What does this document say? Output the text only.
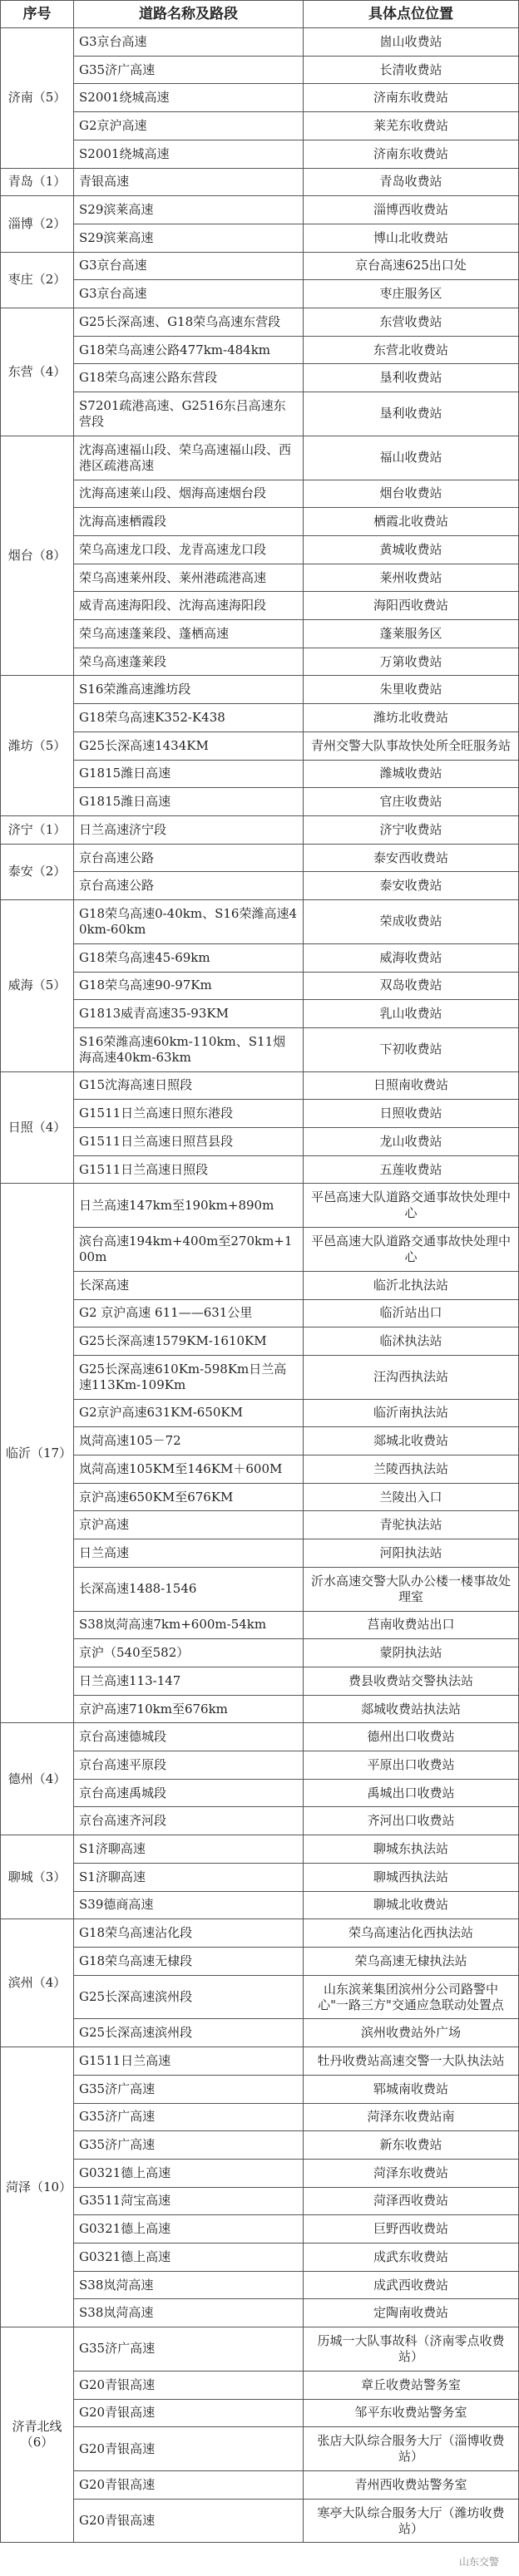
序号	道路名称及路段	具体点位位置
济南（5）	G3京台高速	崮山收费站
	G35济广高速	长清收费站
	S2001绕城高速	济南东收费站
	G2京沪高速	莱芜东收费站
	S2001绕城高速	济南东收费站
青岛（1）	青银高速	青岛收费站
淄博（2）	S29滨莱高速	淄博西收费站
	S29滨莱高速	博山北收费站
枣庄（2）	G3京台高速	京台高速625出口处
	G3京台高速	枣庄服务区
东营（4）	G25长深高速、G18荣乌高速东营段	东营收费站
	G18荣乌高速公路477km-484km	东营北收费站
	G18荣乌高速公路东营段	垦利收费站
	S7201疏港高速、G2516东吕高速东营段	垦利收费站
烟台（8）	沈海高速福山段、荣乌高速福山段、西港区疏港高速	福山收费站
	沈海高速莱山段、烟海高速烟台段	烟台收费站
	沈海高速栖霞段	栖霞北收费站
	荣乌高速龙口段、龙青高速龙口段	黄城收费站
	荣乌高速莱州段、莱州港疏港高速	莱州收费站
	威青高速海阳段、沈海高速海阳段	海阳西收费站
	荣乌高速蓬莱段、蓬栖高速	蓬莱服务区
	荣乌高速蓬莱段	万第收费站
潍坊（5）	S16荣潍高速潍坊段	朱里收费站
	G18荣乌高速K352-K438	潍坊北收费站
	G25长深高速1434KM	青州交警大队事故快处所全旺服务站
	G1815潍日高速	潍城收费站
	G1815潍日高速	官庄收费站
济宁（1）	日兰高速济宁段	济宁收费站
泰安（2）	京台高速公路	泰安西收费站
	京台高速公路	泰安收费站
威海（5）	G18荣乌高速0-40km、S16荣潍高速40km-60km	荣成收费站
	G18荣乌高速45-69km	威海收费站
	G18荣乌高速90-97Km	双岛收费站
	G1813威青高速35-93KM	乳山收费站
	S16荣潍高速60km-110km、S11烟海高速40km-63km	下初收费站
日照（4）	G15沈海高速日照段	日照南收费站
	G1511日兰高速日照东港段	日照收费站
	G1511日兰高速日照莒县段	龙山收费站
	G1511日兰高速日照段	五莲收费站
临沂（17）	日兰高速147km至190km+890m	平邑高速大队道路交通事故快处理中心
	滨台高速194km+400m至270km+100m	平邑高速大队道路交通事故快处理中心
	长深高速	临沂北执法站
	G2 京沪高速 611——631公里	临沂站出口
	G25长深高速1579KM-1610KM	临沭执法站
	G25长深高速610Km-598Km日兰高速113Km-109Km	汪沟西执法站
	G2京沪高速631KM-650KM	临沂南执法站
	岚菏高速105－72	郯城北收费站
	岚菏高速105KM至146KM＋600M	兰陵西执法站
	京沪高速650KM至676KM	兰陵出入口
	京沪高速	青驼执法站
	日兰高速	河阳执法站
	长深高速1488-1546	沂水高速交警大队办公楼一楼事故处理室
	S38岚菏高速7km+600m-54km	莒南收费站出口
	京沪（540至582）	蒙阴执法站
	日兰高速113-147	费县收费站交警执法站
	京沪高速710km至676km	郯城收费站执法站
德州（4）	京台高速德城段	德州出口收费站
	京台高速平原段	平原出口收费站
	京台高速禹城段	禹城出口收费站
	京台高速齐河段	齐河出口收费站
聊城（3）	S1济聊高速	聊城东执法站
	S1济聊高速	聊城西执法站
	S39德商高速	聊城北收费站
滨州（4）	G18荣乌高速沾化段	荣乌高速沾化西执法站
	G18荣乌高速无棣段	荣乌高速无棣执法站
	G25长深高速滨州段	山东滨莱集团滨州分公司路警中心"一路三方"交通应急联动处置点
	G25长深高速滨州段	滨州收费站外广场
菏泽（10）	G1511日兰高速	牡丹收费站高速交警一大队执法站
	G35济广高速	郓城南收费站
	G35济广高速	菏泽东收费站南
	G35济广高速	新东收费站
	G0321德上高速	菏泽东收费站
	G3511菏宝高速	菏泽西收费站
	G0321德上高速	巨野西收费站
	G0321德上高速	成武东收费站
	S38岚菏高速	成武西收费站
	S38岚菏高速	定陶南收费站
济青北线（6）	G35济广高速	历城一大队事故科（济南零点收费站）
	G20青银高速	章丘收费站警务室
	G20青银高速	邹平东收费站警务室
	G20青银高速	张店大队综合服务大厅（淄博收费站）
	G20青银高速	青州西收费站警务室
	G20青银高速	寒亭大队综合服务大厅（潍坊收费站）
山东交警
